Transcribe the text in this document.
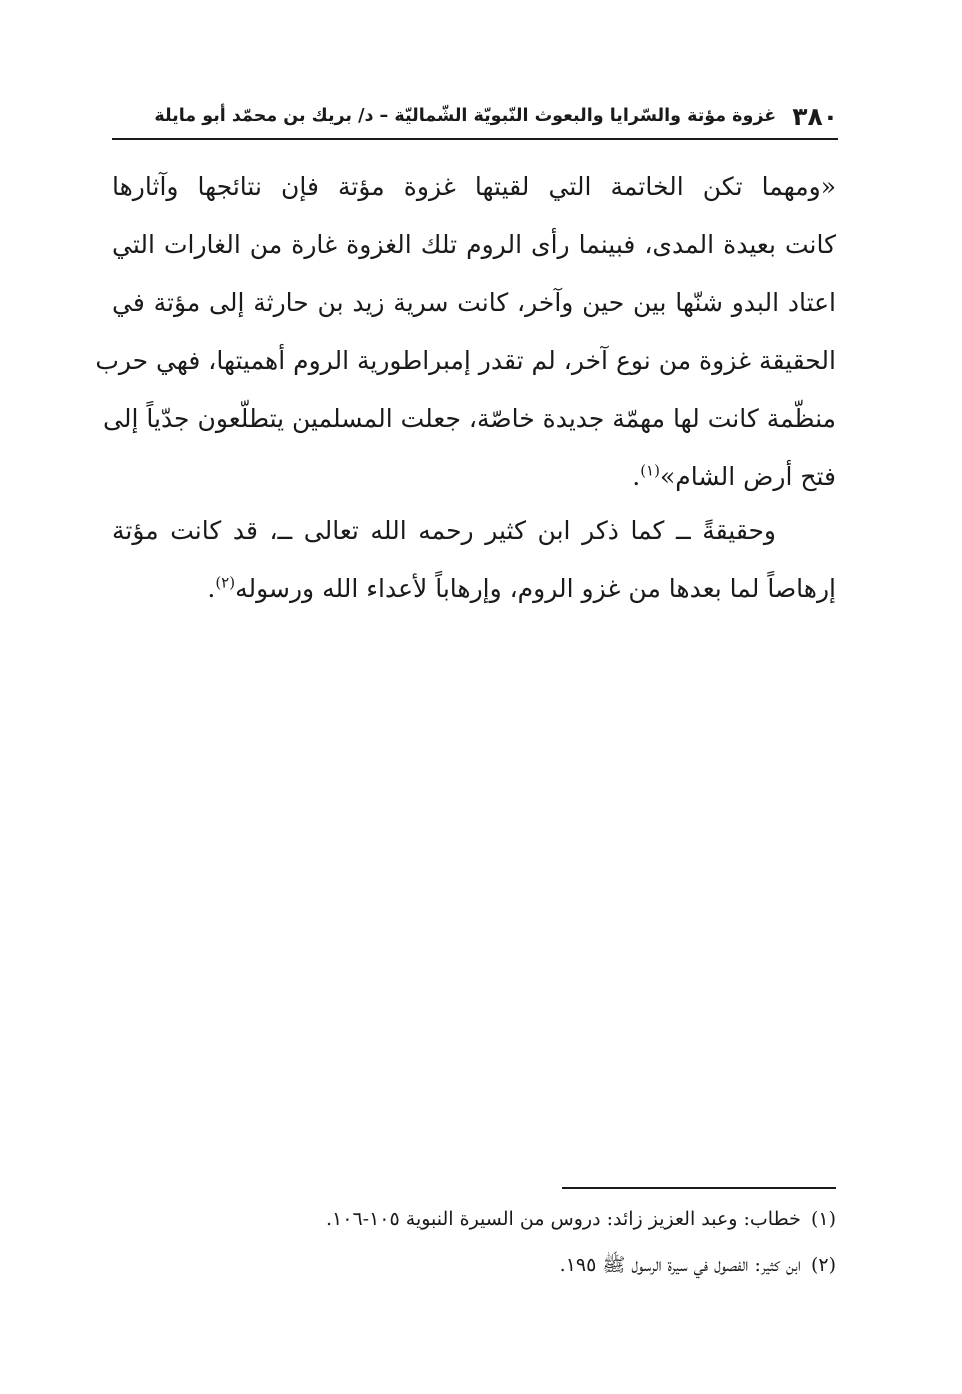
٣٨٠
غزوة مؤتة والسّرايا والبعوث النّبويّة الشّماليّة – د/ بريك بن محمّد أبو مايلة
«ومهما تكن الخاتمة التي لقيتها غزوة مؤتة فإن نتائجها وآثارها
كانت بعيدة المدى، فبينما رأى الروم تلك الغزوة غارة من الغارات التي
اعتاد البدو شنّها بين حين وآخر، كانت سرية زيد بن حارثة إلى مؤتة في
الحقيقة غزوة من نوع آخر، لم تقدر إمبراطورية الروم أهميتها، فهي حرب
منظّمة كانت لها مهمّة جديدة خاصّة، جعلت المسلمين يتطلّعون جدّياً إلى
فتح أرض الشام»$^{(١)}$.
وحقيقةً ــ كما ذكر ابن كثير رحمه الله تعالى ــ، قد كانت مؤتة
إرهاصاً لما بعدها من غزو الروم، وإرهاباً لأعداء الله ورسوله$^{(٢)}$.
(١)خطاب: وعبد العزيز زائد: دروس من السيرة النبوية ١٠٥-١٠٦.
(٢)ابن كثير: الفصول في سيرة الرسول ﷺ ١٩٥.
